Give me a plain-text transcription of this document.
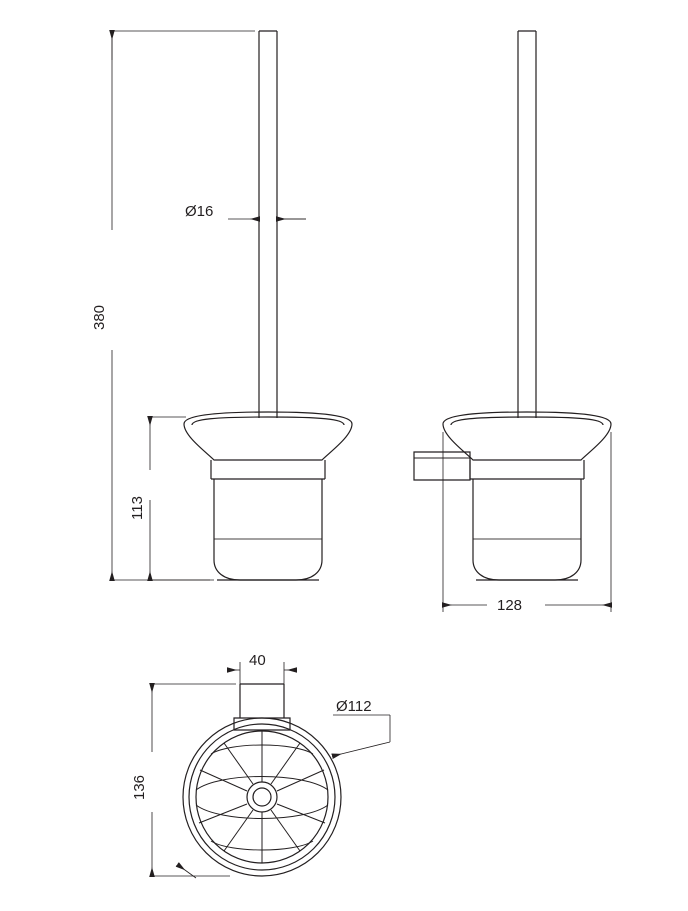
Ø16
380
113
128
40
136
Ø112
